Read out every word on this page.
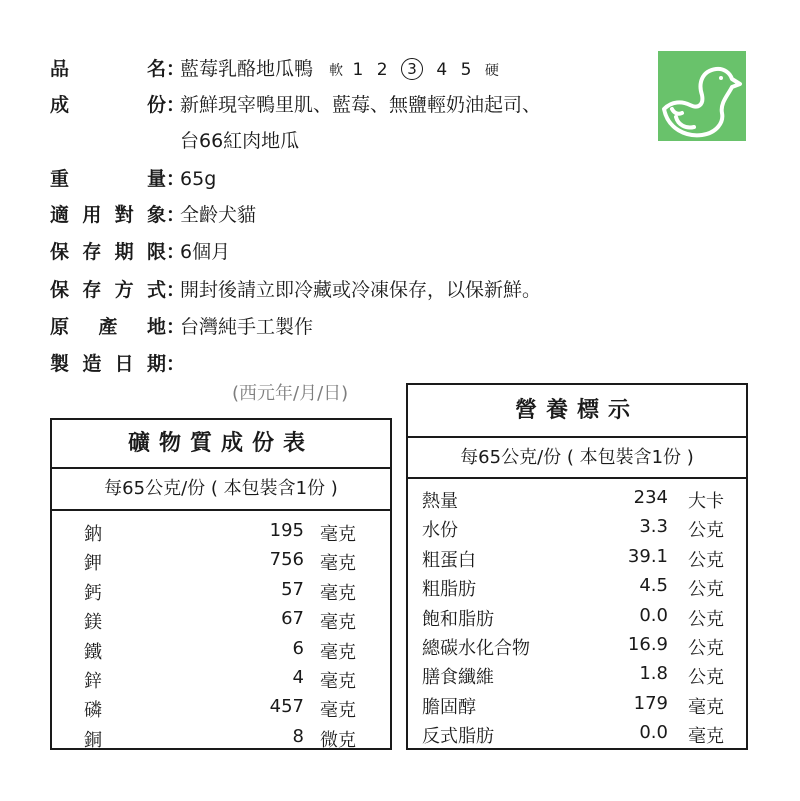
品名： 藍莓乳酪地瓜鴨 軟 1 2 3 4 5 硬
成份： 新鮮現宰鴨里肌、藍莓、無鹽輕奶油起司、
台66紅肉地瓜
重量： 65g
適用對象： 全齡犬貓
保存期限： 6個月
保存方式： 開封後請立即冷藏或冷凍保存，以保新鮮。
原產地： 台灣純手工製作
製造日期：
(西元年/月/日)
礦物質成份表
每65公克/份 ( 本包裝含1份 )
鈉	195 毫克
鉀	756 毫克
鈣	57 毫克
鎂	67 毫克
鐵	6 毫克
鋅	4 毫克
磷	457 毫克
銅	8 微克
營養標示
每65公克/份 ( 本包裝含1份 )
熱量	234 大卡
水份	3.3 公克
粗蛋白	39.1 公克
粗脂肪	4.5 公克
飽和脂肪	0.0 公克
總碳水化合物	16.9 公克
膳食纖維	1.8 公克
膽固醇	179 毫克
反式脂肪	0.0 毫克
